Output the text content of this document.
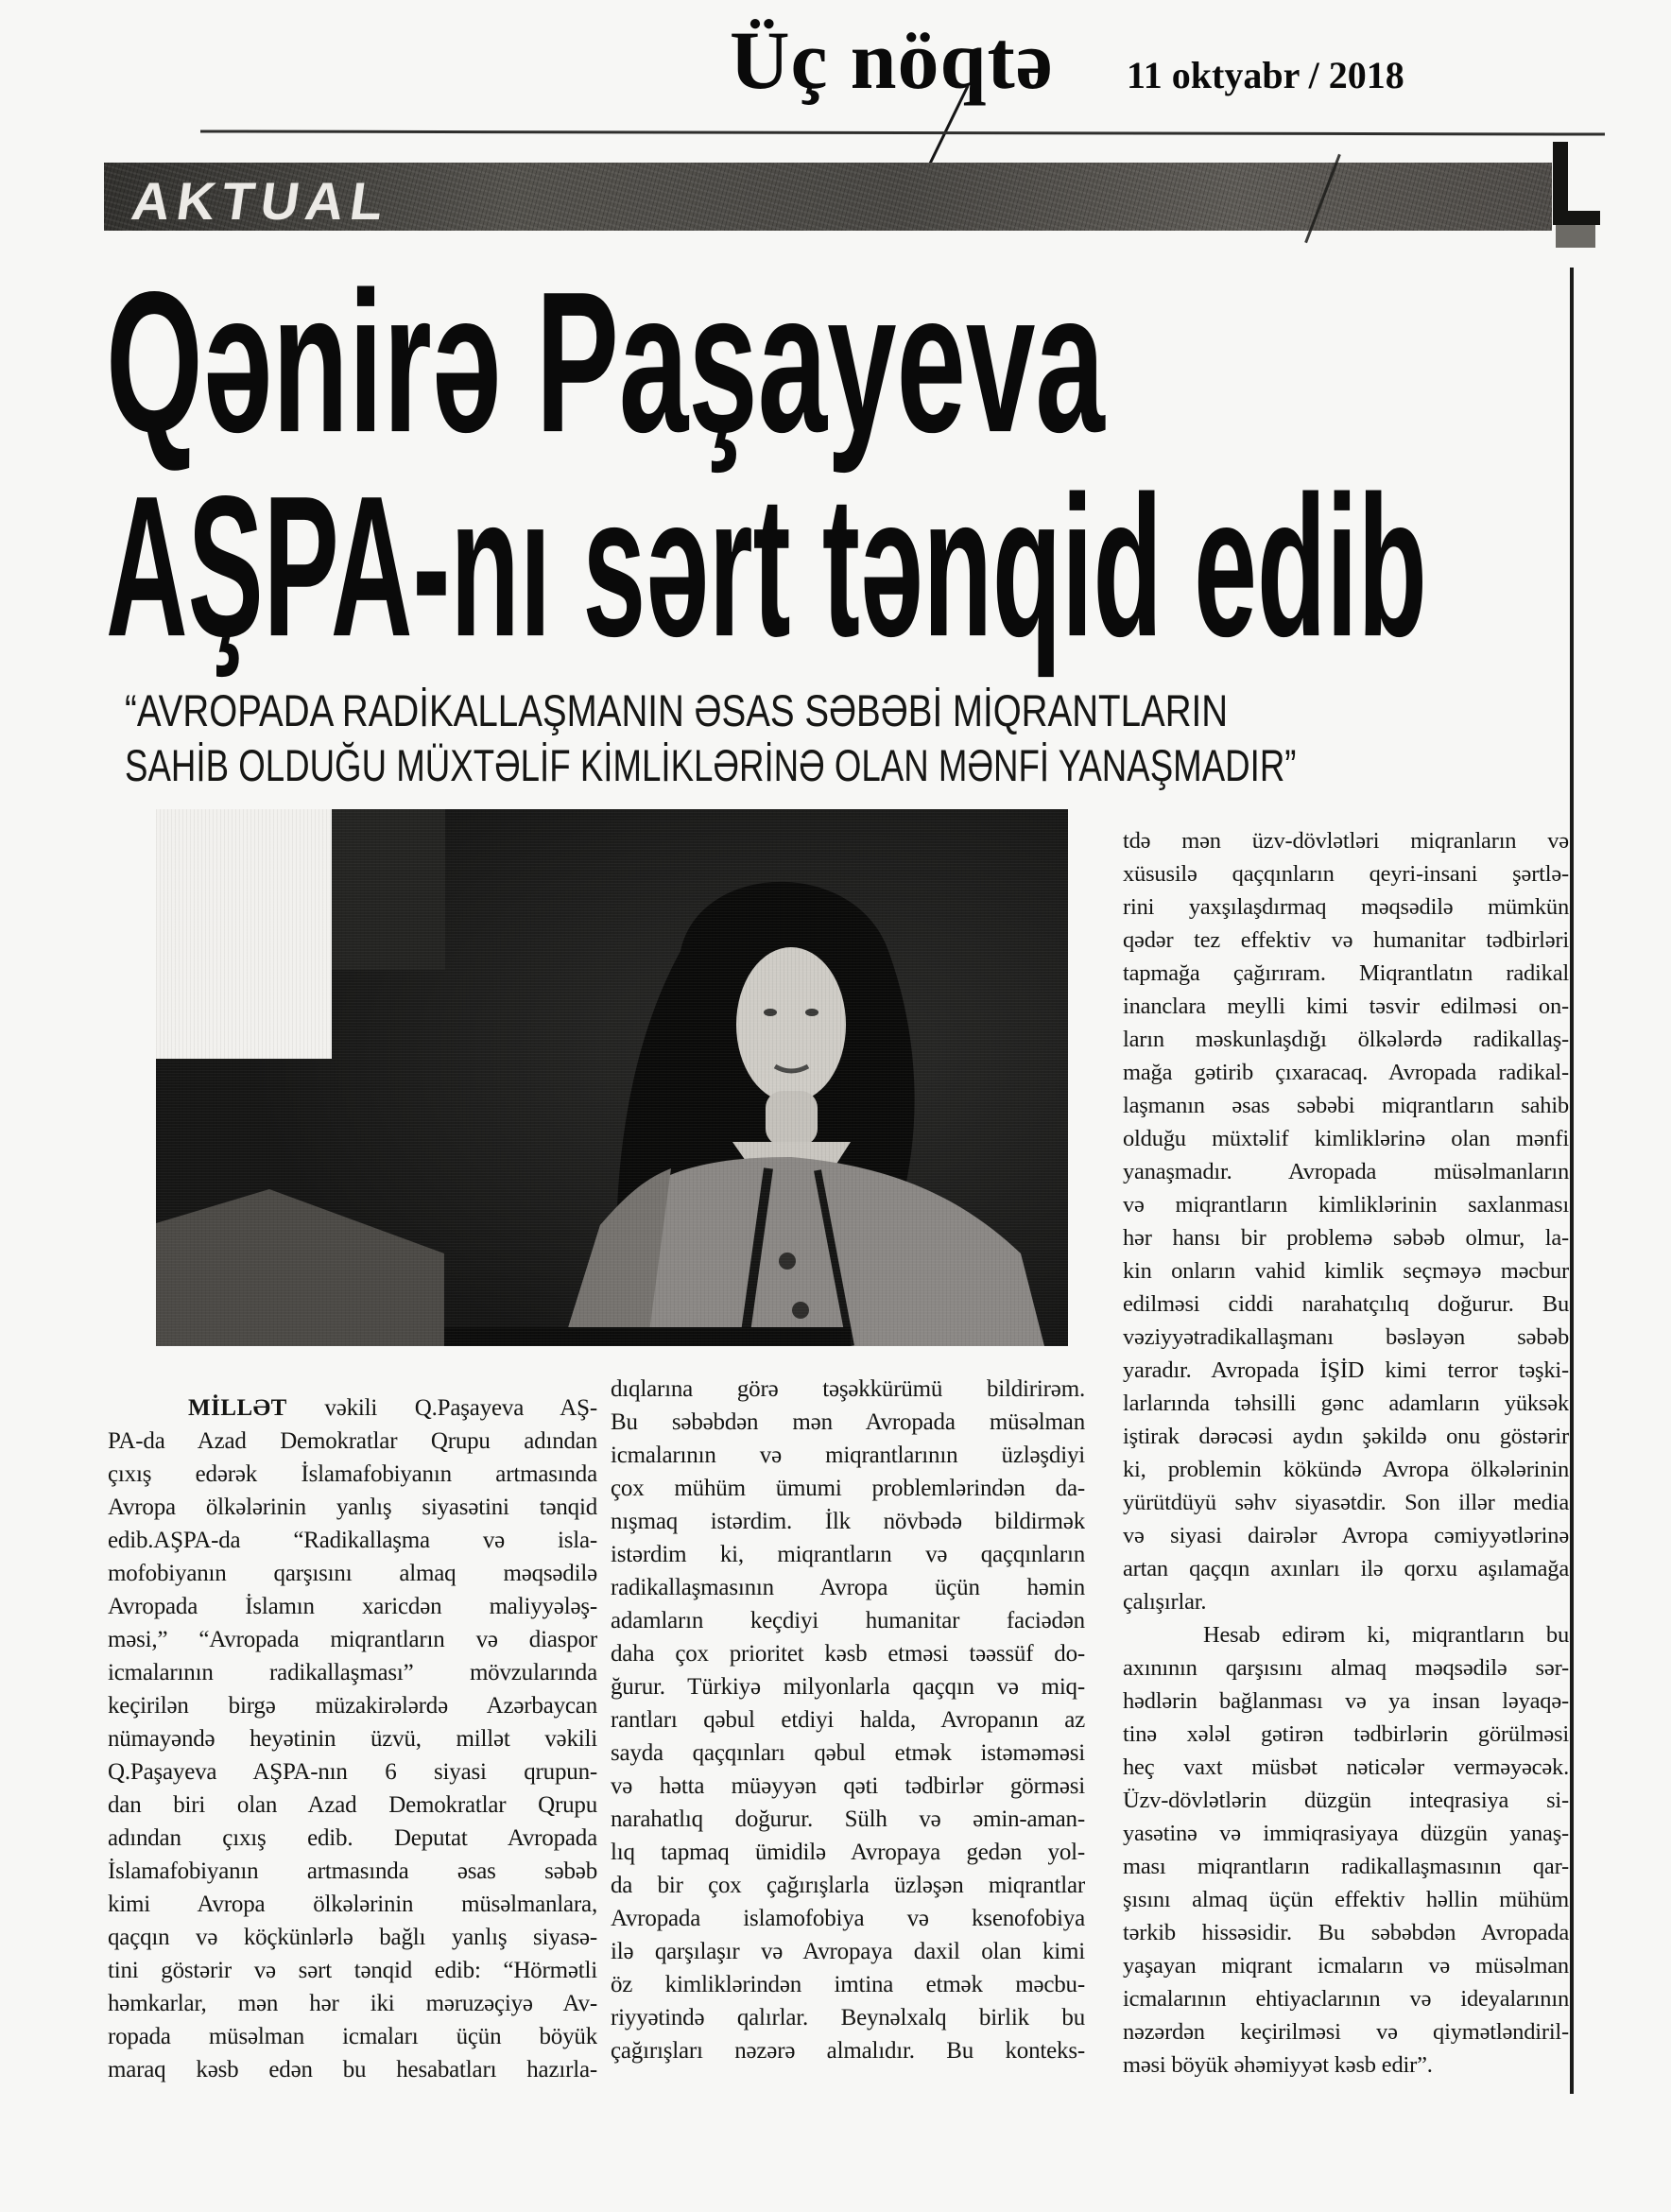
Üç nöqtə 11 oktyabr / 2018
AKTUAL
Qənirə Paşayeva
AŞPA-nı sərt tənqid edib
“AVROPADA RADİKALLAŞMANIN ƏSAS SƏBƏBİ MİQRANTLARIN
SAHİB OLDUĞU MÜXTƏLİF KİMLİKLƏRİNƏ OLAN MƏNFİ YANAŞMADIR”
MİLLƏT vəkili Q.Paşayeva AŞ-
PA-da Azad Demokratlar Qrupu adından
çıxış edərək İslamafobiyanın artmasında
Avropa ölkələrinin yanlış siyasətini tənqid
edib.AŞPA-da “Radikallaşma və isla-
mofobiyanın qarşısını almaq məqsədilə
Avropada İslamın xaricdən maliyyələş-
məsi,” “Avropada miqrantların və diaspor
icmalarının radikallaşması” mövzularında
keçirilən birgə müzakirələrdə Azərbaycan
nümayəndə heyətinin üzvü, millət vəkili
Q.Paşayeva AŞPA-nın 6 siyasi qrupun-
dan biri olan Azad Demokratlar Qrupu
adından çıxış edib. Deputat Avropada
İslamafobiyanın artmasında əsas səbəb
kimi Avropa ölkələrinin müsəlmanlara,
qaçqın və köçkünlərlə bağlı yanlış siyasə-
tini göstərir və sərt tənqid edib: “Hörmətli
həmkarlar, mən hər iki məruzəçiyə Av-
ropada müsəlman icmaları üçün böyük
maraq kəsb edən bu hesabatları hazırla-
dıqlarına görə təşəkkürümü bildirirəm.
Bu səbəbdən mən Avropada müsəlman
icmalarının və miqrantlarının üzləşdiyi
çox mühüm ümumi problemlərindən da-
nışmaq istərdim. İlk növbədə bildirmək
istərdim ki, miqrantların və qaçqınların
radikallaşmasının Avropa üçün həmin
adamların keçdiyi humanitar faciədən
daha çox prioritet kəsb etməsi təəssüf do-
ğurur. Türkiyə milyonlarla qaçqın və miq-
rantları qəbul etdiyi halda, Avropanın az
sayda qaçqınları qəbul etmək istəməməsi
və hətta müəyyən qəti tədbirlər görməsi
narahatlıq doğurur. Sülh və əmin-aman-
lıq tapmaq ümidilə Avropaya gedən yol-
da bir çox çağırışlarla üzləşən miqrantlar
Avropada islamofobiya və ksenofobiya
ilə qarşılaşır və Avropaya daxil olan kimi
öz kimliklərindən imtina etmək məcbu-
riyyətində qalırlar. Beynəlxalq birlik bu
çağırışları nəzərə almalıdır. Bu konteks-
tdə mən üzv-dövlətləri miqranların və
xüsusilə qaçqınların qeyri-insani şərtlə-
rini yaxşılaşdırmaq məqsədilə mümkün
qədər tez effektiv və humanitar tədbirləri
tapmağa çağırıram. Miqrantlatın radikal
inanclara meylli kimi təsvir edilməsi on-
ların məskunlaşdığı ölkələrdə radikallaş-
mağa gətirib çıxaracaq. Avropada radikal-
laşmanın əsas səbəbi miqrantların sahib
olduğu müxtəlif kimliklərinə olan mənfi
yanaşmadır. Avropada müsəlmanların
və miqrantların kimliklərinin saxlanması
hər hansı bir problemə səbəb olmur, la-
kin onların vahid kimlik seçməyə məcbur
edilməsi ciddi narahatçılıq doğurur. Bu
vəziyyətradikallaşmanı bəsləyən səbəb
yaradır. Avropada İŞİD kimi terror təşki-
larlarında təhsilli gənc adamların yüksək
iştirak dərəcəsi aydın şəkildə onu göstərir
ki, problemin kökündə Avropa ölkələrinin
yürütdüyü səhv siyasətdir. Son illər media
və siyasi dairələr Avropa cəmiyyətlərinə
artan qaçqın axınları ilə qorxu aşılamağa
çalışırlar.
Hesab edirəm ki, miqrantların bu
axınının qarşısını almaq məqsədilə sər-
hədlərin bağlanması və ya insan ləyaqə-
tinə xələl gətirən tədbirlərin görülməsi
heç vaxt müsbət nəticələr verməyəcək.
Üzv-dövlətlərin düzgün inteqrasiya si-
yasətinə və immiqrasiyaya düzgün yanaş-
ması miqrantların radikallaşmasının qar-
şısını almaq üçün effektiv həllin mühüm
tərkib hissəsidir. Bu səbəbdən Avropada
yaşayan miqrant icmaların və müsəlman
icmalarının ehtiyaclarının və ideyalarının
nəzərdən keçirilməsi və qiymətləndiril-
məsi böyük əhəmiyyət kəsb edir”.
